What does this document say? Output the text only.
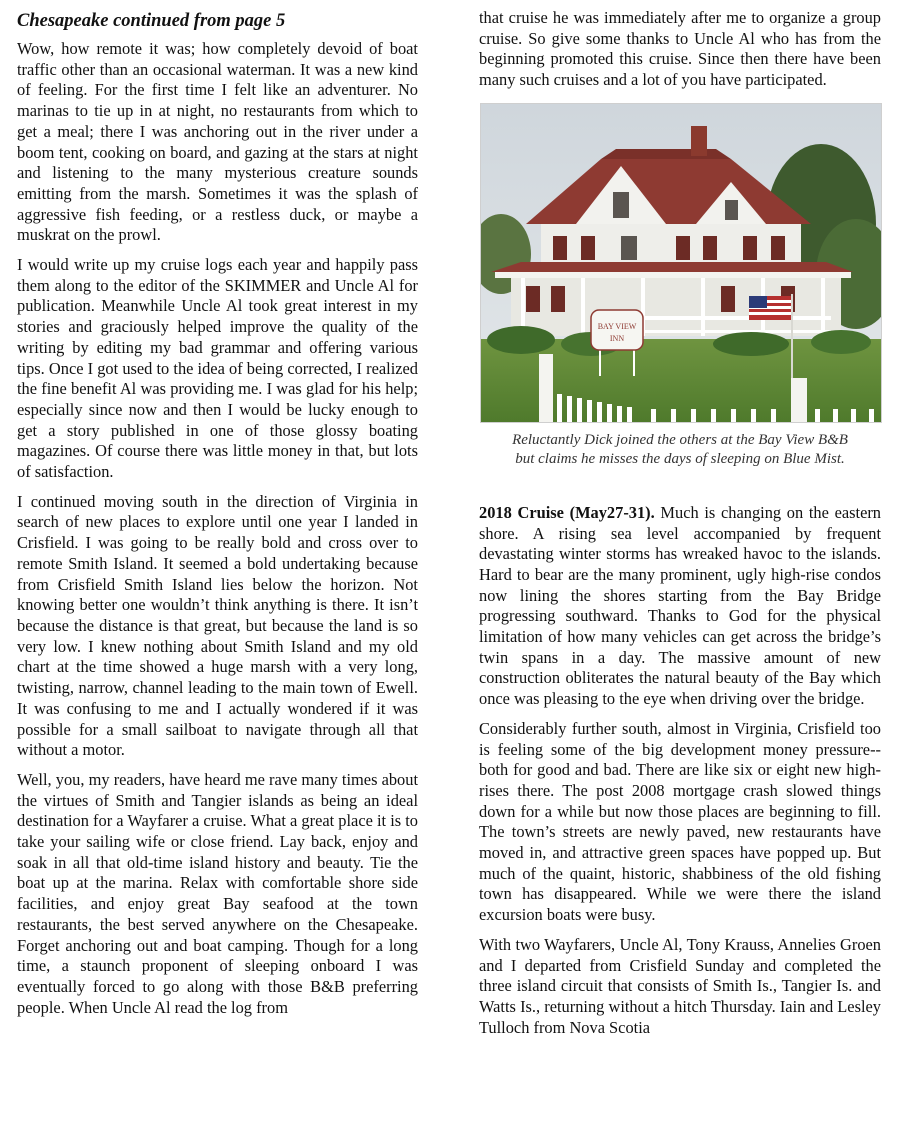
Chesapeake continued from page 5

Wow, how remote it was; how completely devoid of boat traffic other than an occasional waterman. It was a new kind of feeling. For the first time I felt like an adventurer. No marinas to tie up in at night, no restaurants from which to get a meal; there I was anchoring out in the river under a boom tent, cooking on board, and gazing at the stars at night and listening to the many mysterious creature sounds emitting from the marsh. Sometimes it was the splash of aggressive fish feeding, or a restless duck, or maybe a muskrat on the prowl.

I would write up my cruise logs each year and happily pass them along to the editor of the SKIMMER and Uncle Al for publication. Meanwhile Uncle Al took great interest in my stories and graciously helped improve the quality of the writing by editing my bad grammar and offering various tips. Once I got used to the idea of being corrected, I realized the fine benefit Al was providing me. I was glad for his help; especially since now and then I would be lucky enough to get a story published in one of those glossy boating magazines. Of course there was little money in that, but lots of satisfaction.

I continued moving south in the direction of Virginia in search of new places to explore until one year I landed in Crisfield. I was going to be really bold and cross over to remote Smith Island. It seemed a bold undertaking because from Crisfield Smith Island lies below the horizon. Not knowing better one wouldn’t think anything is there. It isn’t because the distance is that great, but because the land is so very low. I knew nothing about Smith Island and my old chart at the time showed a huge marsh with a very long, twisting, narrow, channel leading to the main town of Ewell. It was confusing to me and I actually wondered if it was possible for a small sailboat to navigate through all that without a motor.

Well, you, my readers, have heard me rave many times about the virtues of Smith and Tangier islands as being an ideal destination for a Wayfarer a cruise. What a great place it is to take your sailing wife or close friend. Lay back, enjoy and soak in all that old-time island history and beauty. Tie the boat up at the marina. Relax with comfortable shore side facilities, and enjoy great Bay seafood at the town restaurants, the best served anywhere on the Chesapeake. Forget anchoring out and boat camping. Though for a long time, a staunch proponent of sleeping onboard I was eventually forced to go along with those B&B preferring people. When Uncle Al read the log from

that cruise he was immediately after me to organize a group cruise. So give some thanks to Uncle Al who has from the beginning promoted this cruise. Since then there have been many such cruises and a lot of you have participated.

BAY VIEW
INN
Reluctantly Dick joined the others at the Bay View B&B
but claims he misses the days of sleeping on Blue Mist.

2018 Cruise (May27-31). Much is changing on the eastern shore. A rising sea level accompanied by frequent devastating winter storms has wreaked havoc to the islands. Hard to bear are the many prominent, ugly high-rise condos now lining the shores starting from the Bay Bridge progressing southward. Thanks to God for the physical limitation of how many vehicles can get across the bridge’s twin spans in a day. The massive amount of new construction obliterates the natural beauty of the Bay which once was pleasing to the eye when driving over the bridge.

Considerably further south, almost in Virginia, Crisfield too is feeling some of the big development money pressure--both for good and bad. There are like six or eight new high-rises there. The post 2008 mortgage crash slowed things down for a while but now those places are beginning to fill. The town’s streets are newly paved, new restaurants have moved in, and attractive green spaces have popped up. But much of the quaint, historic, shabbiness of the old fishing town has disappeared. While we were there the island excursion boats were busy.

With two Wayfarers, Uncle Al, Tony Krauss, Annelies Groen and I departed from Crisfield Sunday and completed the three island circuit that consists of Smith Is., Tangier Is. and Watts Is., returning without a hitch Thursday. Iain and Lesley Tulloch from Nova Scotia
